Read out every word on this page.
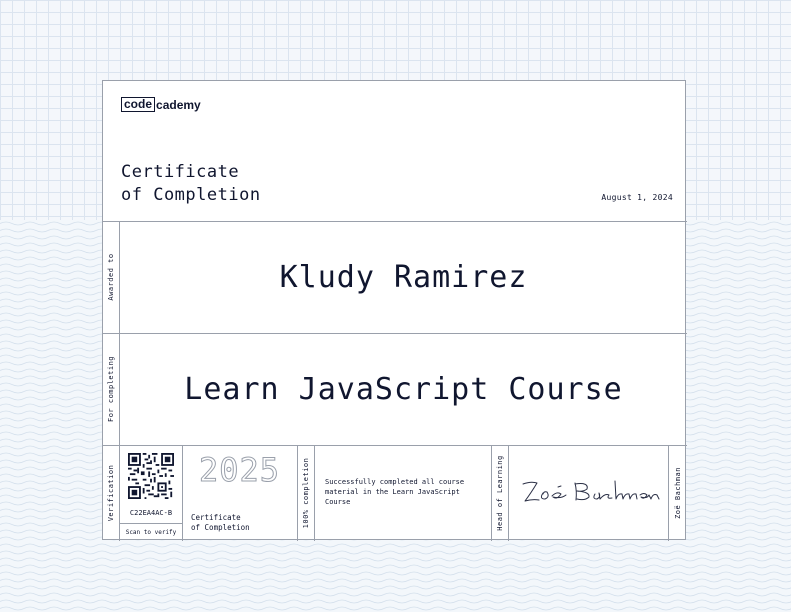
code cademy
Certificate
of Completion	August 1, 2024
Awarded to	Kludy Ramirez
For completing	Learn JavaScript Course
Verification	C22EA4AC-B
Scan to verify
2025
Certificate
of Completion	100% completion Successfully completed all course material in the Learn JavaScript Course	Head of Learning	Zoë Bachman
